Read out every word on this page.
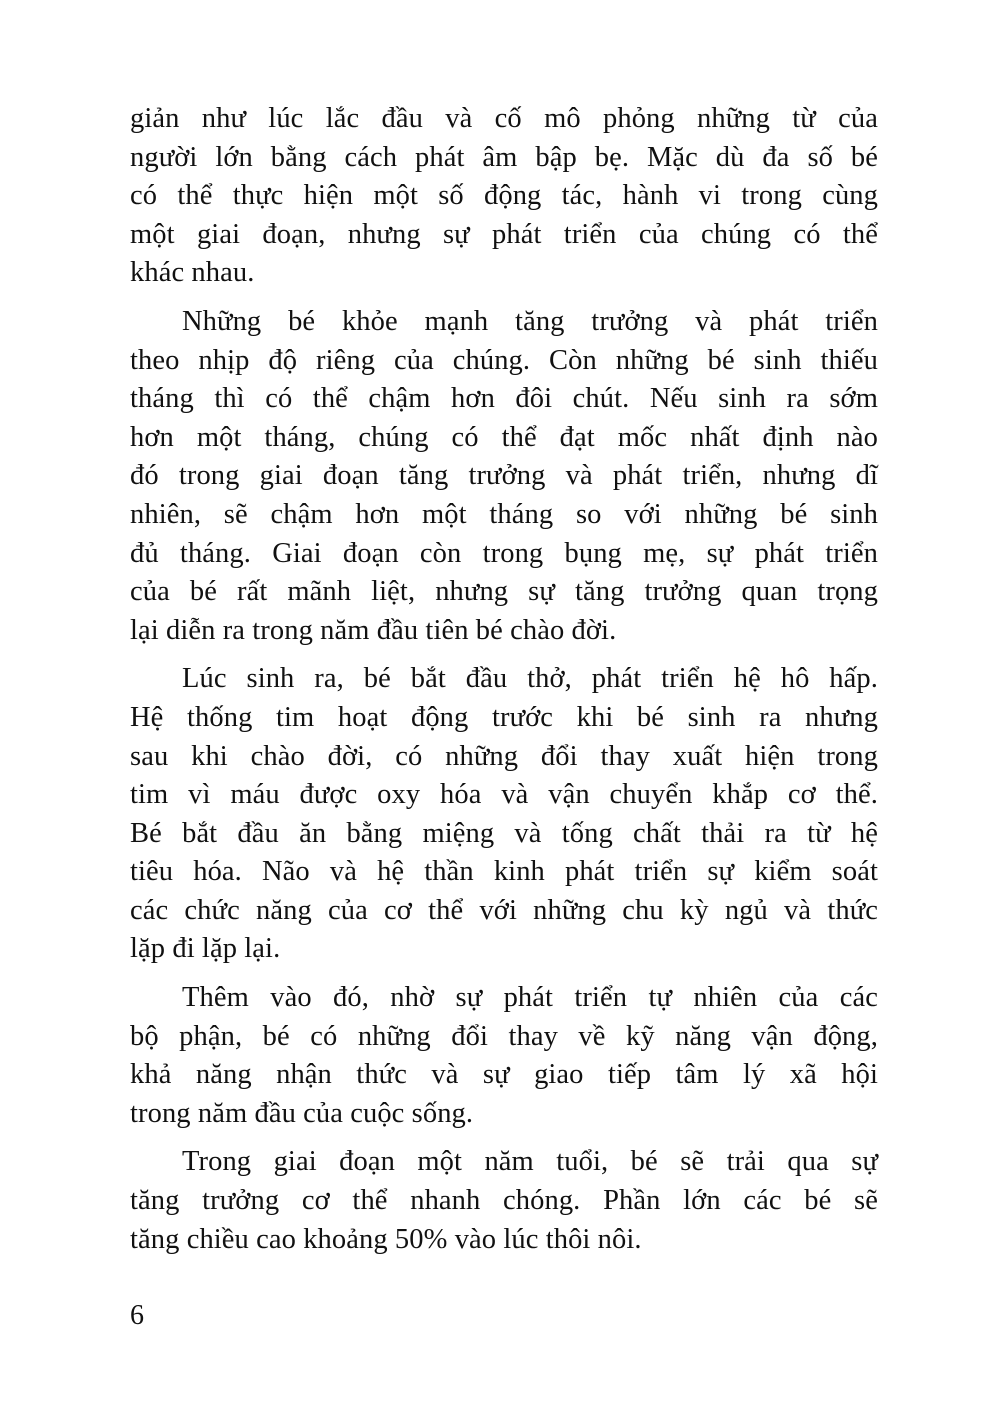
giản như lúc lắc đầu và cố mô phỏng những từ của
người lớn bằng cách phát âm bập bẹ. Mặc dù đa số bé
có thể thực hiện một số động tác, hành vi trong cùng
một giai đoạn, nhưng sự phát triển của chúng có thể
khác nhau.
Những bé khỏe mạnh tăng trưởng và phát triển
theo nhịp độ riêng của chúng. Còn những bé sinh thiếu
tháng thì có thể chậm hơn đôi chút. Nếu sinh ra sớm
hơn một tháng, chúng có thể đạt mốc nhất định nào
đó trong giai đoạn tăng trưởng và phát triển, nhưng dĩ
nhiên, sẽ chậm hơn một tháng so với những bé sinh
đủ tháng. Giai đoạn còn trong bụng mẹ, sự phát triển
của bé rất mãnh liệt, nhưng sự tăng trưởng quan trọng
lại diễn ra trong năm đầu tiên bé chào đời.
Lúc sinh ra, bé bắt đầu thở, phát triển hệ hô hấp.
Hệ thống tim hoạt động trước khi bé sinh ra nhưng
sau khi chào đời, có những đổi thay xuất hiện trong
tim vì máu được oxy hóa và vận chuyển khắp cơ thể.
Bé bắt đầu ăn bằng miệng và tống chất thải ra từ hệ
tiêu hóa. Não và hệ thần kinh phát triển sự kiểm soát
các chức năng của cơ thể với những chu kỳ ngủ và thức
lặp đi lặp lại.
Thêm vào đó, nhờ sự phát triển tự nhiên của các
bộ phận, bé có những đổi thay về kỹ năng vận động,
khả năng nhận thức và sự giao tiếp tâm lý xã hội
trong năm đầu của cuộc sống.
Trong giai đoạn một năm tuổi, bé sẽ trải qua sự
tăng trưởng cơ thể nhanh chóng. Phần lớn các bé sẽ
tăng chiều cao khoảng 50% vào lúc thôi nôi.
6
